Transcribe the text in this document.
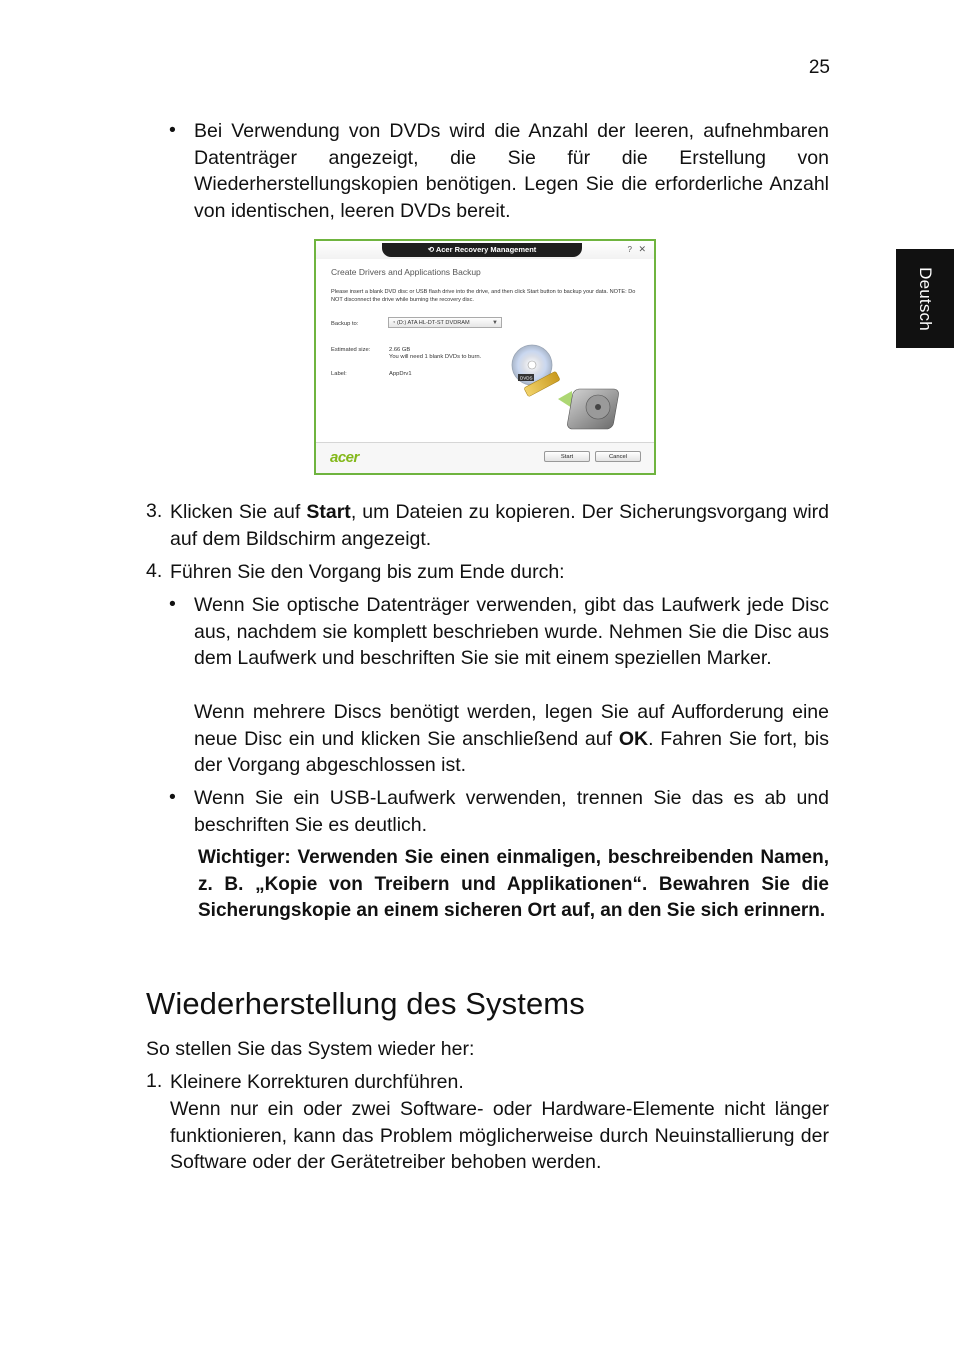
25
Deutsch
• Bei Verwendung von DVDs wird die Anzahl der leeren, aufnehmbaren Datenträger angezeigt, die Sie für die Erstellung von Wiederherstellungskopien benötigen. Legen Sie die erforderliche Anzahl von identischen, leeren DVDs bereit.
⟲ Acer Recovery Management	? ✕
Create Drivers and Applications Backup
Please insert a blank DVD disc or USB flash drive into the drive, and then click Start button to backup your data. NOTE: Do NOT disconnect the drive while burning the recovery disc.
Backup to:	◔ (D:) ATA HL-DT-ST DVDRAM	▼
Estimated size:	2.66 GB
You will need 1 blank DVDs to burn.
Label:	AppDrv1
DVDS
acer	Start	Cancel
3. Klicken Sie auf Start, um Dateien zu kopieren. Der Sicherungsvorgang wird auf dem Bildschirm angezeigt.
4. Führen Sie den Vorgang bis zum Ende durch:
• Wenn Sie optische Datenträger verwenden, gibt das Laufwerk jede Disc aus, nachdem sie komplett beschrieben wurde. Nehmen Sie die Disc aus dem Laufwerk und beschriften Sie sie mit einem speziellen Marker.
Wenn mehrere Discs benötigt werden, legen Sie auf Aufforderung eine neue Disc ein und klicken Sie anschließend auf OK. Fahren Sie fort, bis der Vorgang abgeschlossen ist.
• Wenn Sie ein USB-Laufwerk verwenden, trennen Sie das es ab und beschriften Sie es deutlich.
Wichtiger: Verwenden Sie einen einmaligen, beschreibenden Namen, z. B. „Kopie von Treibern und Applikationen“. Bewahren Sie die Sicherungskopie an einem sicheren Ort auf, an den Sie sich erinnern.
Wiederherstellung des Systems
So stellen Sie das System wieder her:
1. Kleinere Korrekturen durchführen.
Wenn nur ein oder zwei Software- oder Hardware-Elemente nicht länger funktionieren, kann das Problem möglicherweise durch Neuinstallierung der Software oder der Gerätetreiber behoben werden.
